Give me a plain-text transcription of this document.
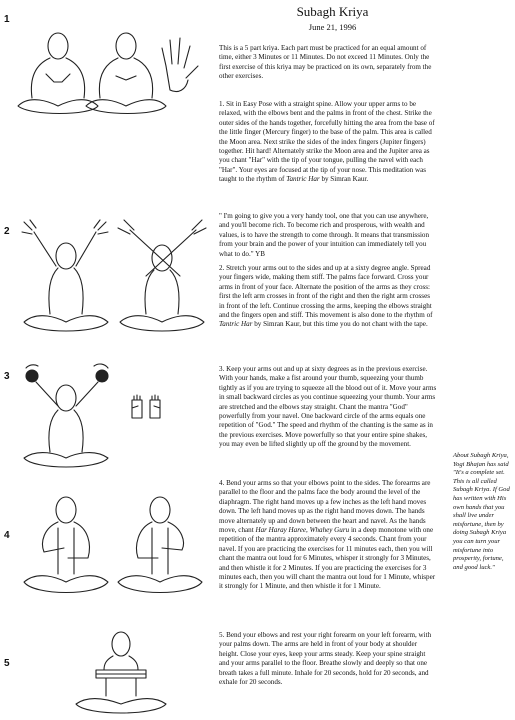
Subagh Kriya
June 21, 1996
1
2
3
4
5

This is a 5 part kriya. Each part must be practiced for an equal amount of time, either 3 Minutes or 11 Minutes. Do not exceed 11 Minutes. Only the first exercise of this kriya may be practiced on its own, separately from the other exercises.

1. Sit in Easy Pose with a straight spine. Allow your upper arms to be relaxed, with the elbows bent and the palms in front of the chest. Strike the outer sides of the hands together, forcefully hitting the area from the base of the little finger (Mercury finger) to the base of the palm. This area is called the Moon area. Next strike the sides of the index fingers (Jupiter fingers) together. Hit hard! Alternately strike the Moon area and the Jupiter area as you chant "Har" with the tip of your tongue, pulling the navel with each "Har". Your eyes are focused at the tip of your nose. This meditation was taught to the rhythm of Tantric Har by Simran Kaur.

" I'm going to give you a very handy tool, one that you can use anywhere, and you'll become rich. To become rich and prosperous, with wealth and values, is to have the strength to come through. It means that transmission from your brain and the power of your intuition can immediately tell you what to do." YB

2. Stretch your arms out to the sides and up at a sixty degree angle. Spread your fingers wide, making them stiff. The palms face forward. Cross your arms in front of your face. Alternate the position of the arms as they cross: first the left arm crosses in front of the right and then the right arm crosses in front of the left. Continue crossing the arms, keeping the elbows straight and the fingers open and stiff. This movement is also done to the rhythm of Tantric Har by Simran Kaur, but this time you do not chant with the tape.

3. Keep your arms out and up at sixty degrees as in the previous exercise. With your hands, make a fist around your thumb, squeezing your thumb tightly as if you are trying to squeeze all the blood out of it. Move your arms in small backward circles as you continue squeezing your thumb. Your arms are stretched and the elbows stay straight. Chant the mantra "God" powerfully from your navel. One backward circle of the arms equals one repetition of "God." The speed and rhythm of the chanting is the same as in the previous exercises. Move powerfully so that your entire spine shakes, you may even be lifted slightly up off the ground by the movement.

4. Bend your arms so that your elbows point to the sides. The forearms are parallel to the floor and the palms face the body around the level of the diaphragm. The right hand moves up a few inches as the left hand moves down. The left hand moves up as the right hand moves down. The hands move alternately up and down between the heart and navel. As the hands move, chant Har Haray Haree, Whahey Guru in a deep monotone with one repetition of the mantra approximately every 4 seconds. Chant from your navel. If you are practicing the exercises for 11 minutes each, then you will chant the mantra out loud for 6 Minutes, whisper it strongly for 3 Minutes, and then whistle it for 2 Minutes. If you are practicing the exercises for 3 minutes each, then you will chant the mantra out loud for 1 Minute, whisper it strongly for 1 Minute, and then whistle it for 1 Minute.

5. Bend your elbows and rest your right forearm on your left forearm, with your palms down. The arms are held in front of your body at shoulder height. Close your eyes, keep your arms steady. Keep your spine straight and your arms parallel to the floor. Breathe slowly and deeply so that one breath takes a full minute. Inhale for 20 seconds, hold for 20 seconds, and exhale for 20 seconds.

About Subagh Kriya, Yogi Bhajan has said "It's a complete set. This is all called Subagh Kriya. If God has written with His own hands that you shall live under misfortune, then by doing Subagh Kriya you can turn your misfortune into prosperity, fortune, and good luck."
